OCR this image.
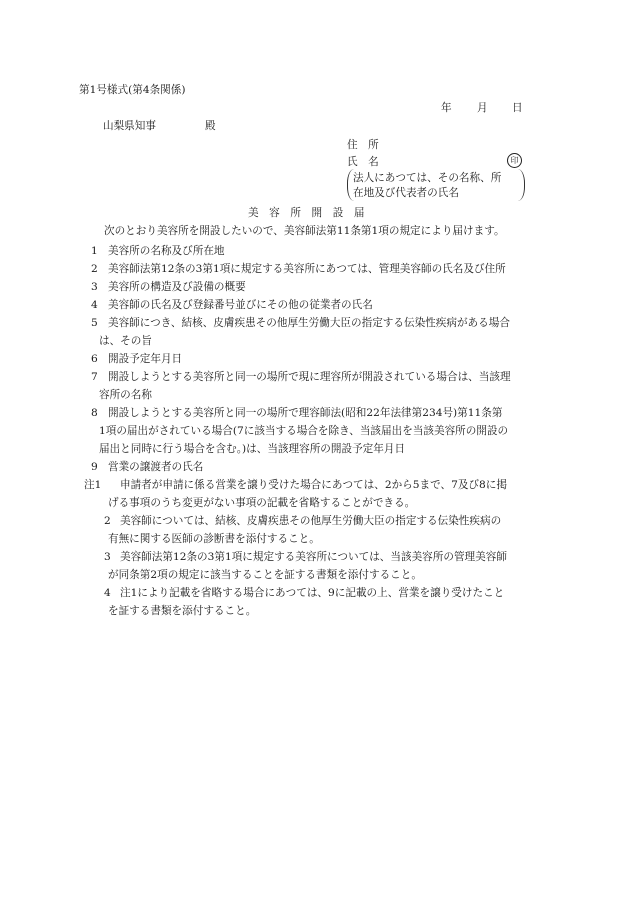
第1号様式(第4条関係)
年 月 日
山梨県知事	殿
住　所
氏　名	印
法人にあつては、その名称、所
在地及び代表者の氏名
美　容　所　開　設　届
次のとおり美容所を開設したいので、美容師法第11条第1項の規定により届けます。
1 美容所の名称及び所在地
2 美容師法第12条の3第1項に規定する美容所にあつては、管理美容師の氏名及び住所
3 美容所の構造及び設備の概要
4 美容師の氏名及び登録番号並びにその他の従業者の氏名
5 美容師につき、結核、皮膚疾患その他厚生労働大臣の指定する伝染性疾病がある場合
は、その旨
6 開設予定年月日
7 開設しようとする美容所と同一の場所で現に理容所が開設されている場合は、当該理
容所の名称
8 開設しようとする美容所と同一の場所で理容師法(昭和22年法律第234号)第11条第
1項の届出がされている場合(7に該当する場合を除き、当該届出を当該美容所の開設の
届出と同時に行う場合を含む。)は、当該理容所の開設予定年月日
9 営業の譲渡者の氏名
注1 申請者が申請に係る営業を譲り受けた場合にあつては、2から5まで、7及び8に掲
げる事項のうち変更がない事項の記載を省略することができる。
2 美容師については、結核、皮膚疾患その他厚生労働大臣の指定する伝染性疾病の
有無に関する医師の診断書を添付すること。
3 美容師法第12条の3第1項に規定する美容所については、当該美容所の管理美容師
が同条第2項の規定に該当することを証する書類を添付すること。
4 注1により記載を省略する場合にあつては、9に記載の上、営業を譲り受けたこと
を証する書類を添付すること。
